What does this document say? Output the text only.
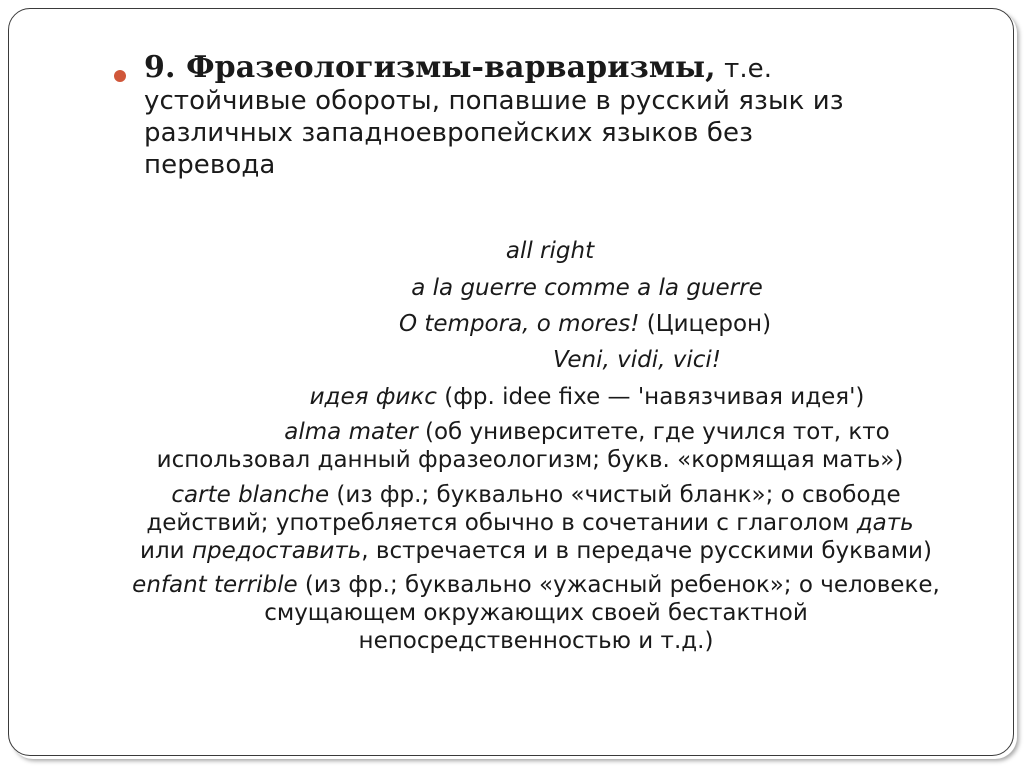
9. Фразеологизмы-варваризмы, т.е.
устойчивые обороты, попавшие в русский язык из
различных западноевропейских языков без
перевода
all right
a la guerre comme a la guerre
O tempora, o mores! (Цицерон)
Veni, vidi, vici!
идея фикс (фр. idee fixe — 'навязчивая идея')
alma mater (об университете, где учился тот, кто
использовал данный фразеологизм; букв. «кормящая мать»)
carte blanche (из фр.; буквально «чистый бланк»; о свободе
действий; употребляется обычно в сочетании с глаголом дать
или предоставить, встречается и в передаче русскими буквами)
enfant terrible (из фр.; буквально «ужасный ребенок»; о человеке,
смущающем окружающих своей бестактной
непосредственностью и т.д.)
